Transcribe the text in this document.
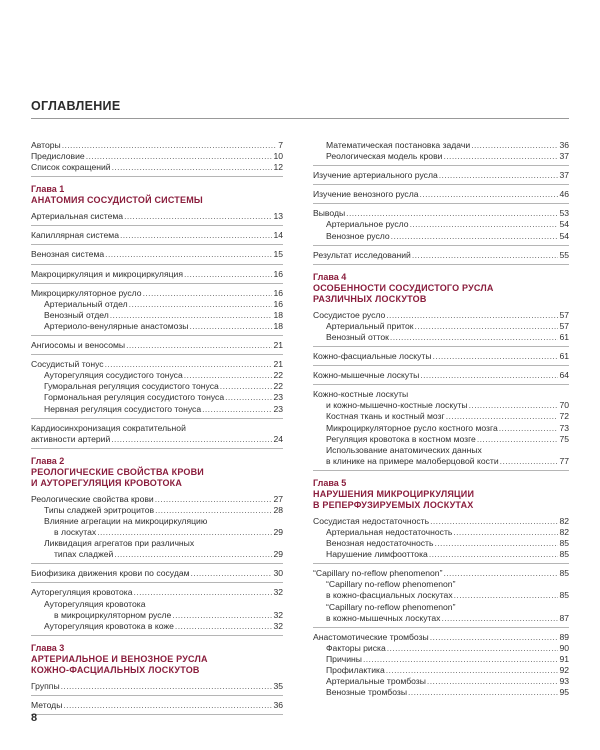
ОГЛАВЛЕНИЕ
Авторы .....	7
Предисловие .....	10
Список сокращений .....	12
Глава 1
АНАТОМИЯ СОСУДИСТОЙ СИСТЕМЫ
Артериальная система .....	13
Капиллярная система .....	14
Венозная система .....	15
Макроциркуляция и микроциркуляция .....	16
Микроциркуляторное русло .....	16
Артериальный отдел .....	16
Венозный отдел .....	18
Артериоло-венулярные анастомозы .....	18
Ангиосомы и веносомы .....	21
Сосудистый тонус .....	21
Ауторегуляция сосудистого тонуса .....	22
Гуморальная регуляция сосудистого тонуса .....	22
Гормональная регуляция сосудистого тонуса .....	23
Нервная регуляция сосудистого тонуса .....	23
Кардиосинхронизация сократительной
активности артерий .....	24
Глава 2
РЕОЛОГИЧЕСКИЕ СВОЙСТВА КРОВИ
И АУТОРЕГУЛЯЦИЯ КРОВОТОКА
Реологические свойства крови .....	27
Типы сладжей эритроцитов .....	28
Влияние агрегации на микроциркуляцию
в лоскутах .....	29
Ликвидация агрегатов при различных
типах сладжей .....	29
Биофизика движения крови по сосудам .....	30
Ауторегуляция кровотока .....	32
Ауторегуляция кровотока
в микроциркуляторном русле .....	32
Ауторегуляция кровотока в коже .....	32
Глава 3
АРТЕРИАЛЬНОЕ И ВЕНОЗНОЕ РУСЛА
КОЖНО-ФАСЦИАЛЬНЫХ ЛОСКУТОВ
Группы .....	35
Методы .....	36
Математическая постановка задачи .....	36
Реологическая модель крови .....	37
Изучение артериального русла .....	37
Изучение венозного русла .....	46
Выводы .....	53
Артериальное русло .....	54
Венозное русло .....	54
Результат исследований .....	55
Глава 4
ОСОБЕННОСТИ СОСУДИСТОГО РУСЛА
РАЗЛИЧНЫХ ЛОСКУТОВ
Сосудистое русло .....	57
Артериальный приток .....	57
Венозный отток .....	61
Кожно-фасциальные лоскуты .....	61
Кожно-мышечные лоскуты .....	64
Кожно-костные лоскуты
и кожно-мышечно-костные лоскуты .....	70
Костная ткань и костный мозг .....	72
Микроциркуляторное русло костного мозга .....	73
Регуляция кровотока в костном мозге .....	75
Использование анатомических данных
в клинике на примере малоберцовой кости .....	77
Глава 5
НАРУШЕНИЯ МИКРОЦИРКУЛЯЦИИ
В РЕПЕРФУЗИРУЕМЫХ ЛОСКУТАХ
Сосудистая недостаточность .....	82
Артериальная недостаточность .....	82
Венозная недостаточность .....	85
Нарушение лимфооттока .....	85
“Capillary no-reflow phenomenon” .....	85
“Capillary no-reflow phenomenon”
в кожно-фасциальных лоскутах .....	85
“Capillary no-reflow phenomenon”
в кожно-мышечных лоскутах .....	87
Анастомотические тромбозы .....	89
Факторы риска .....	90
Причины .....	91
Профилактика .....	92
Артериальные тромбозы .....	93
Венозные тромбозы .....	95
8
